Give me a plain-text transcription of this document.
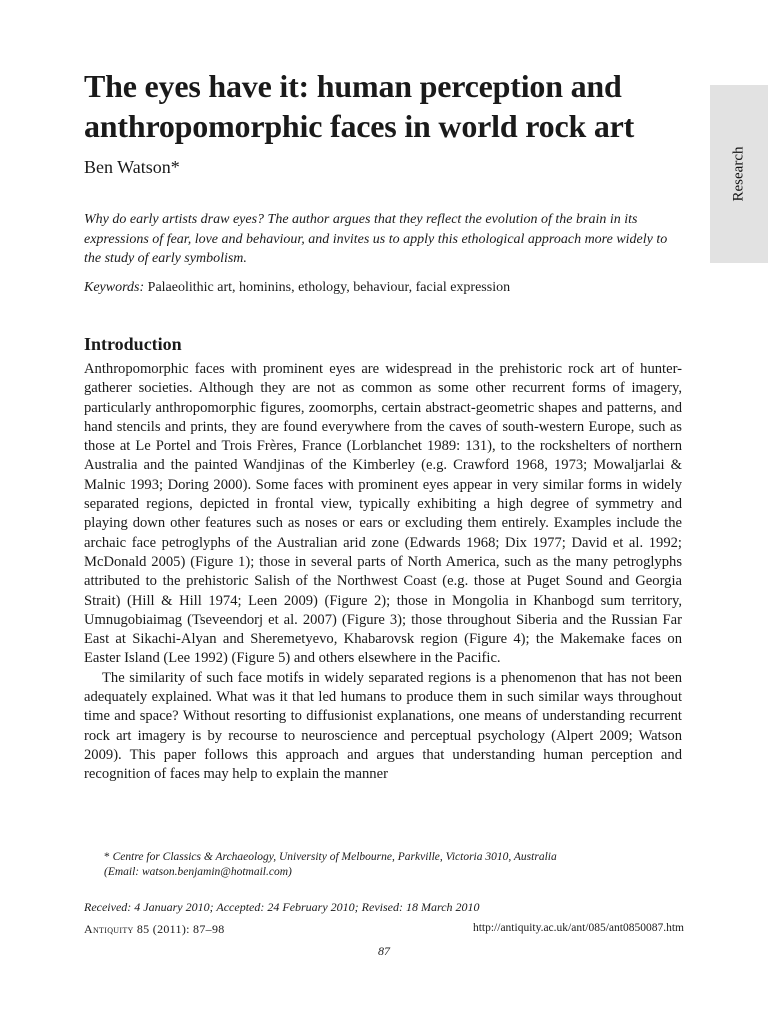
The eyes have it: human perception and anthropomorphic faces in world rock art

Ben Watson*	Research

Why do early artists draw eyes? The author argues that they reflect the evolution of the brain in its expressions of fear, love and behaviour, and invites us to apply this ethological approach more widely to the study of early symbolism.

Keywords: Palaeolithic art, hominins, ethology, behaviour, facial expression

Introduction

Anthropomorphic faces with prominent eyes are widespread in the prehistoric rock art of hunter-gatherer societies. Although they are not as common as some other recurrent forms of imagery, particularly anthropomorphic figures, zoomorphs, certain abstract-geometric shapes and patterns, and hand stencils and prints, they are found everywhere from the caves of south-western Europe, such as those at Le Portel and Trois Frères, France (Lorblanchet 1989: 131), to the rockshelters of northern Australia and the painted Wandjinas of the Kimberley (e.g. Crawford 1968, 1973; Mowaljarlai & Malnic 1993; Doring 2000). Some faces with prominent eyes appear in very similar forms in widely separated regions, depicted in frontal view, typically exhibiting a high degree of symmetry and playing down other features such as noses or ears or excluding them entirely. Examples include the archaic face petroglyphs of the Australian arid zone (Edwards 1968; Dix 1977; David et al. 1992; McDonald 2005) (Figure 1); those in several parts of North America, such as the many petroglyphs attributed to the prehistoric Salish of the Northwest Coast (e.g. those at Puget Sound and Georgia Strait) (Hill & Hill 1974; Leen 2009) (Figure 2); those in Mongolia in Khanbogd sum territory, Umnugobiaimag (Tseveendorj et al. 2007) (Figure 3); those throughout Siberia and the Russian Far East at Sikachi-Alyan and Sheremetyevo, Khabarovsk region (Figure 4); the Makemake faces on Easter Island (Lee 1992) (Figure 5) and others elsewhere in the Pacific.

The similarity of such face motifs in widely separated regions is a phenomenon that has not been adequately explained. What was it that led humans to produce them in such similar ways throughout time and space? Without resorting to diffusionist explanations, one means of understanding recurrent rock art imagery is by recourse to neuroscience and perceptual psychology (Alpert 2009; Watson 2009). This paper follows this approach and argues that understanding human perception and recognition of faces may help to explain the manner

* Centre for Classics & Archaeology, University of Melbourne, Parkville, Victoria 3010, Australia
(Email: watson.benjamin@hotmail.com)
Received: 4 January 2010; Accepted: 24 February 2010; Revised: 18 March 2010
Antiquity 85 (2011): 87–98	http://antiquity.ac.uk/ant/085/ant0850087.htm
87
